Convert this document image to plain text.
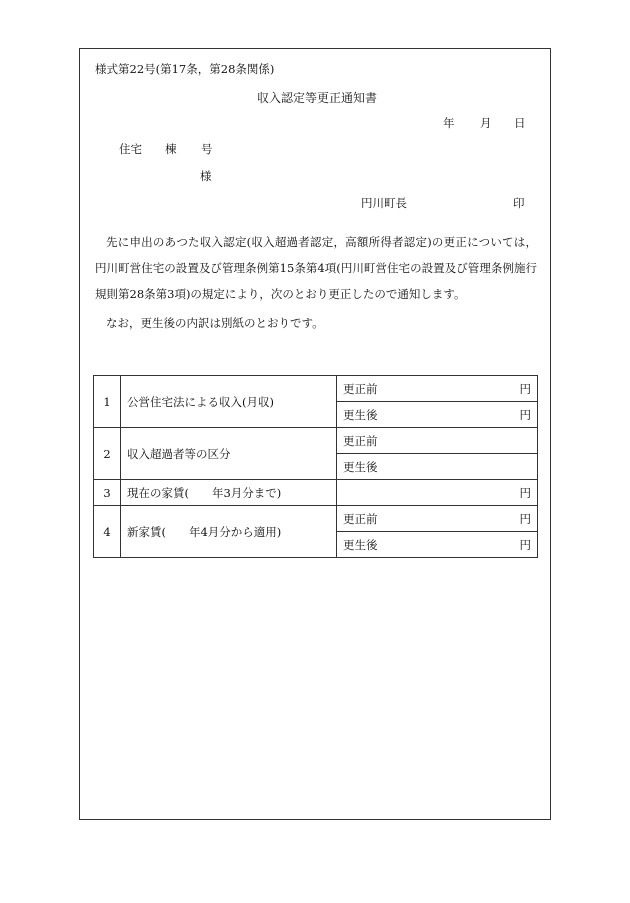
様式第22号(第17条，第28条関係)
収入認定等更正通知書
年 月 日
住宅 棟 号
様
円川町長	印
先に申出のあつた収入認定(収入超過者認定，高額所得者認定)の更正については，円川町営住宅の設置及び管理条例第15条第4項(円川町営住宅の設置及び管理条例施行規則第28条第3項)の規定により，次のとおり更正したので通知します。
なお，更生後の内訳は別紙のとおりです。
1	公営住宅法による収入(月収)	更正前 円

		更生後 円

2	収入超過者等の区分	更正前

		更生後

3	現在の家賃(　　年3月分まで)	円

4	新家賃(　　年4月分から適用)	更正前 円

		更生後 円
